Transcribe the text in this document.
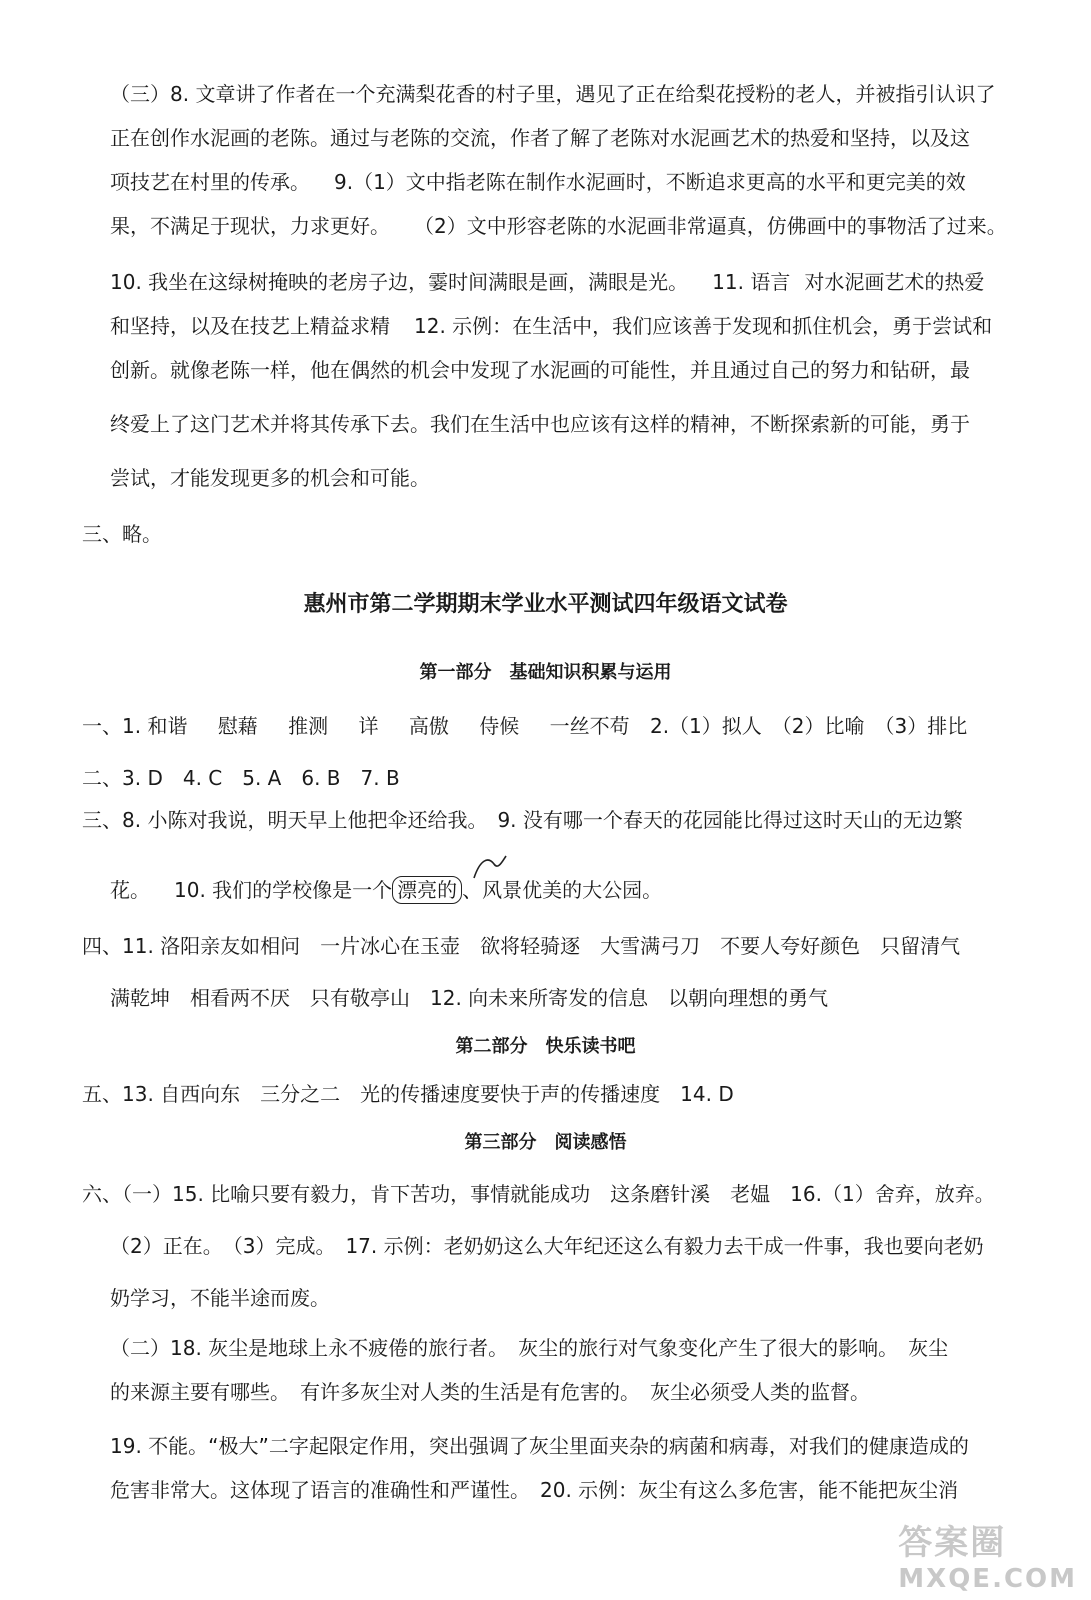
（三）8. 文章讲了作者在一个充满梨花香的村子里，遇见了正在给梨花授粉的老人，并被指引认识了
正在创作水泥画的老陈。通过与老陈的交流，作者了解了老陈对水泥画艺术的热爱和坚持，以及这
项技艺在村里的传承。 9.（1）文中指老陈在制作水泥画时，不断追求更高的水平和更完美的效
果，不满足于现状，力求更好。 （2）文中形容老陈的水泥画非常逼真，仿佛画中的事物活了过来。
10. 我坐在这绿树掩映的老房子边，霎时间满眼是画，满眼是光。 11. 语言 对水泥画艺术的热爱
和坚持，以及在技艺上精益求精 12. 示例：在生活中，我们应该善于发现和抓住机会，勇于尝试和
创新。就像老陈一样，他在偶然的机会中发现了水泥画的可能性，并且通过自己的努力和钻研，最
终爱上了这门艺术并将其传承下去。我们在生活中也应该有这样的精神，不断探索新的可能，勇于
尝试，才能发现更多的机会和可能。
三、略。
惠州市第二学期期末学业水平测试四年级语文试卷
第一部分　基础知识积累与运用
一、1. 和谐 慰藉 推测 详 高傲 侍候 一丝不苟 2.（1）拟人　（2）比喻　（3）排比
二、3. D　4. C　5. A　6. B　7. B
三、8. 小陈对我说，明天早上他把伞还给我。　9. 没有哪一个春天的花园能比得过这时天山的无边繁
花。 10. 我们的学校像是一个 漂亮的 、风景优美的大公园。
四、11. 洛阳亲友如相问　一片冰心在玉壶　欲将轻骑逐　大雪满弓刀　不要人夸好颜色　只留清气
满乾坤　相看两不厌　只有敬亭山　12. 向未来所寄发的信息　以朝向理想的勇气
第二部分　快乐读书吧
五、13. 自西向东　三分之二　光的传播速度要快于声的传播速度　14. D
第三部分　阅读感悟
六、（一）15. 比喻只要有毅力，肯下苦功，事情就能成功　这条磨针溪　老媪　16.（1）舍弃，放弃。
（2）正在。　（3）完成。　17. 示例：老奶奶这么大年纪还这么有毅力去干成一件事，我也要向老奶
奶学习，不能半途而废。
（二）18. 灰尘是地球上永不疲倦的旅行者。　灰尘的旅行对气象变化产生了很大的影响。　灰尘
的来源主要有哪些。　有许多灰尘对人类的生活是有危害的。　灰尘必须受人类的监督。
19. 不能。“极大”二字起限定作用，突出强调了灰尘里面夹杂的病菌和病毒，对我们的健康造成的
危害非常大。这体现了语言的准确性和严谨性。　20. 示例：灰尘有这么多危害，能不能把灰尘消
答案圈
MXQE.COM
